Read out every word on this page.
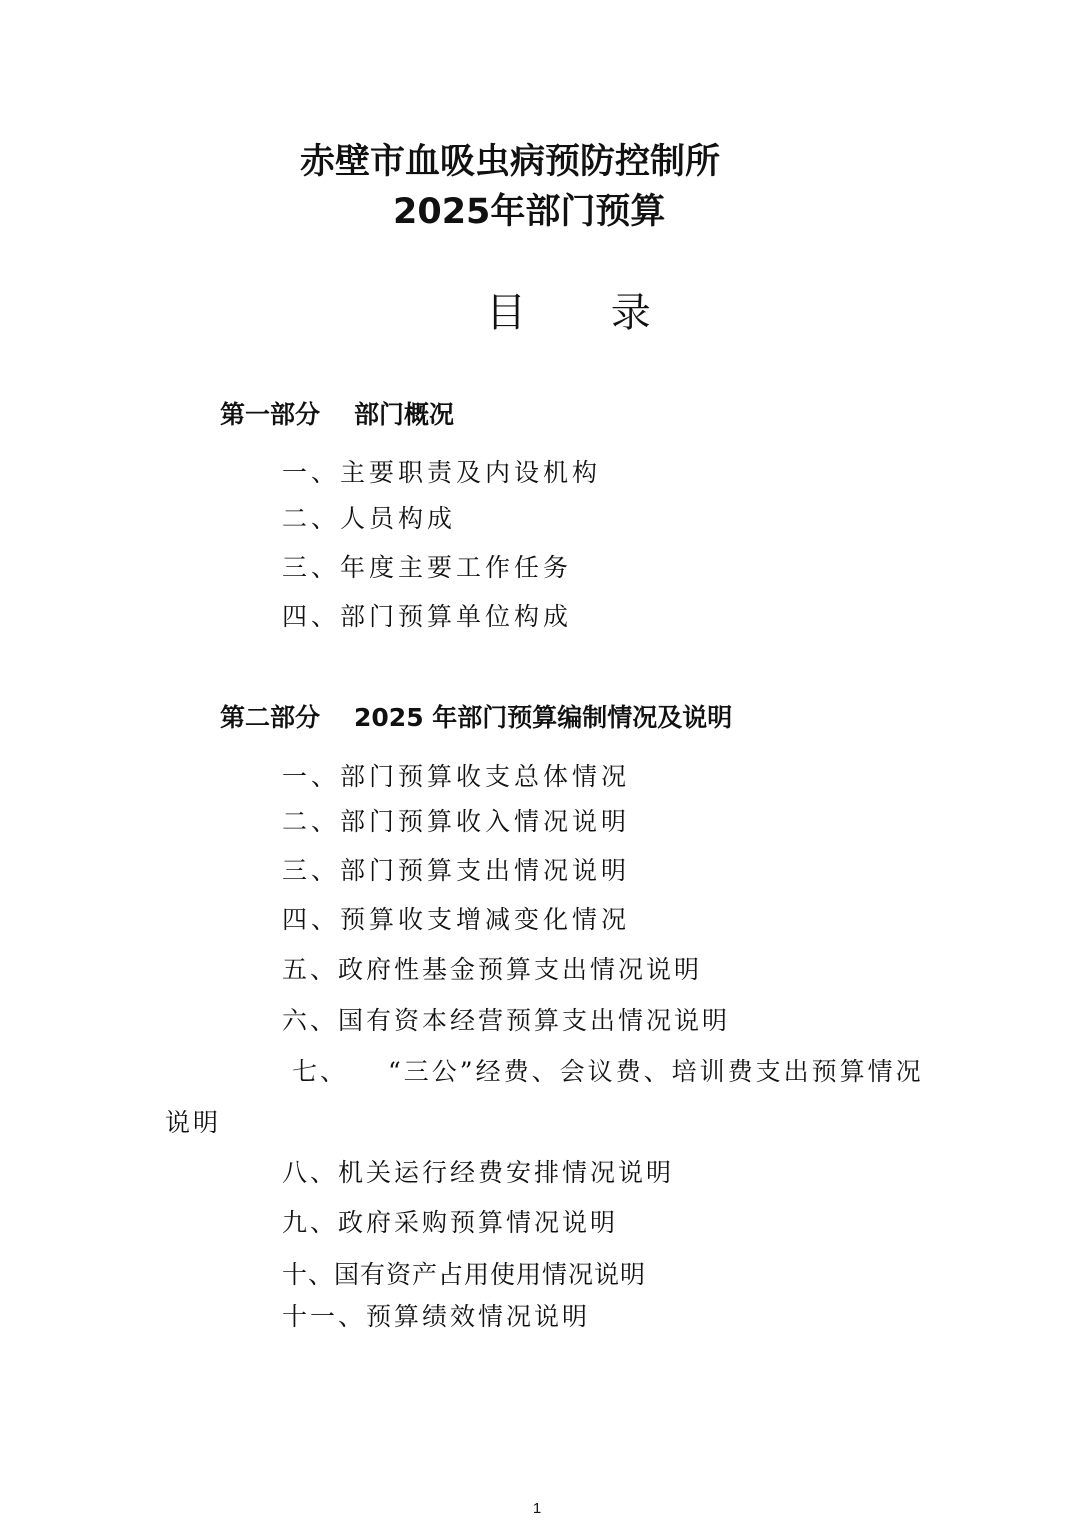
赤壁市血吸虫病预防控制所
2025年部门预算
目 录
第一部分 部门概况
一、主要职责及内设机构
二、人员构成
三、年度主要工作任务
四、部门预算单位构成
第二部分 2025 年部门预算编制情况及说明
一、部门预算收支总体情况
二、部门预算收入情况说明
三、部门预算支出情况说明
四、预算收支增减变化情况
五、政府性基金预算支出情况说明
六、国有资本经营预算支出情况说明
七、 “三公”经费、会议费、培训费支出预算情况
说明
八、机关运行经费安排情况说明
九、政府采购预算情况说明
十、国有资产占用使用情况说明
十一、预算绩效情况说明
1
